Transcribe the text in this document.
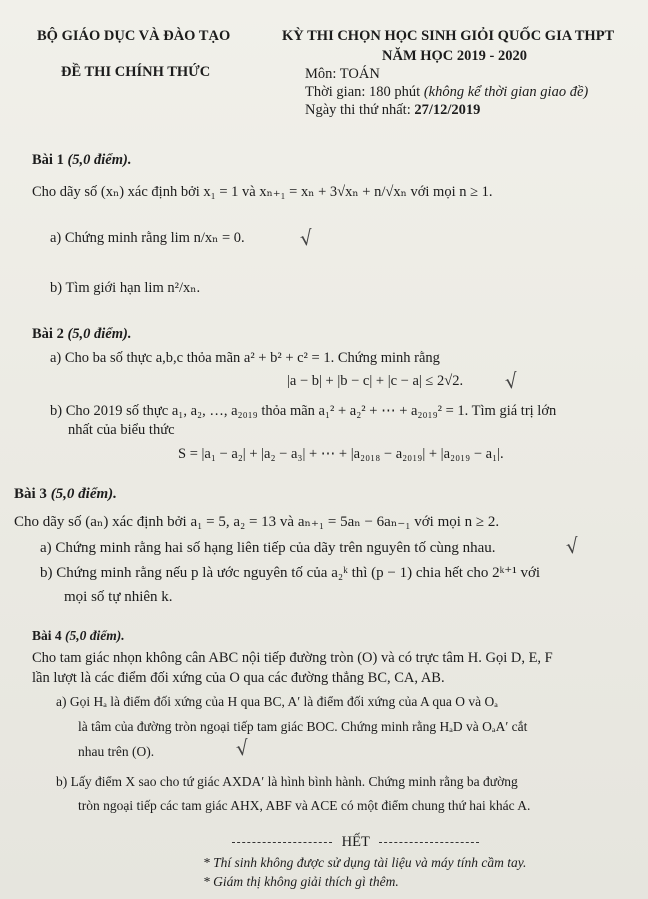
BỘ GIÁO DỤC VÀ ĐÀO TẠO	KỲ THI CHỌN HỌC SINH GIỎI QUỐC GIA THPT
NĂM HỌC 2019 - 2020
ĐỀ THI CHÍNH THỨC	Môn: TOÁN
Thời gian: 180 phút (không kể thời gian giao đề)
Ngày thi thứ nhất: 27/12/2019
Bài 1 (5,0 điểm).
Cho dãy số (xₙ) xác định bởi x₁ = 1 và xₙ₊₁ = xₙ + 3√xₙ + n/√xₙ với mọi n ≥ 1.
a) Chứng minh rằng lim n/xₙ = 0.	√
b) Tìm giới hạn lim n²/xₙ.
Bài 2 (5,0 điểm).
a) Cho ba số thực a,b,c thỏa mãn a² + b² + c² = 1. Chứng minh rằng
|a − b| + |b − c| + |c − a| ≤ 2√2. √
b) Cho 2019 số thực a₁, a₂, …, a₂₀₁₉ thỏa mãn a₁² + a₂² + ⋯ + a₂₀₁₉² = 1. Tìm giá trị lớn
nhất của biểu thức
S = |a₁ − a₂| + |a₂ − a₃| + ⋯ + |a₂₀₁₈ − a₂₀₁₉| + |a₂₀₁₉ − a₁|.
Bài 3 (5,0 điểm).
Cho dãy số (aₙ) xác định bởi a₁ = 5, a₂ = 13 và aₙ₊₁ = 5aₙ − 6aₙ₋₁ với mọi n ≥ 2.
a) Chứng minh rằng hai số hạng liên tiếp của dãy trên nguyên tố cùng nhau.	√
b) Chứng minh rằng nếu p là ước nguyên tố của a₂ᵏ thì (p − 1) chia hết cho 2ᵏ⁺¹ với
mọi số tự nhiên k.
Bài 4 (5,0 điểm).
Cho tam giác nhọn không cân ABC nội tiếp đường tròn (O) và có trực tâm H. Gọi D, E, F
lần lượt là các điểm đối xứng của O qua các đường thẳng BC, CA, AB.
a) Gọi Hₐ là điểm đối xứng của H qua BC, A′ là điểm đối xứng của A qua O và Oₐ
là tâm của đường tròn ngoại tiếp tam giác BOC. Chứng minh rằng HₐD và OₐA′ cắt
nhau trên (O).	√
b) Lấy điểm X sao cho tứ giác AXDA′ là hình bình hành. Chứng minh rằng ba đường
tròn ngoại tiếp các tam giác AHX, ABF và ACE có một điểm chung thứ hai khác A.
HẾT
* Thí sinh không được sử dụng tài liệu và máy tính cầm tay.
* Giám thị không giải thích gì thêm.
